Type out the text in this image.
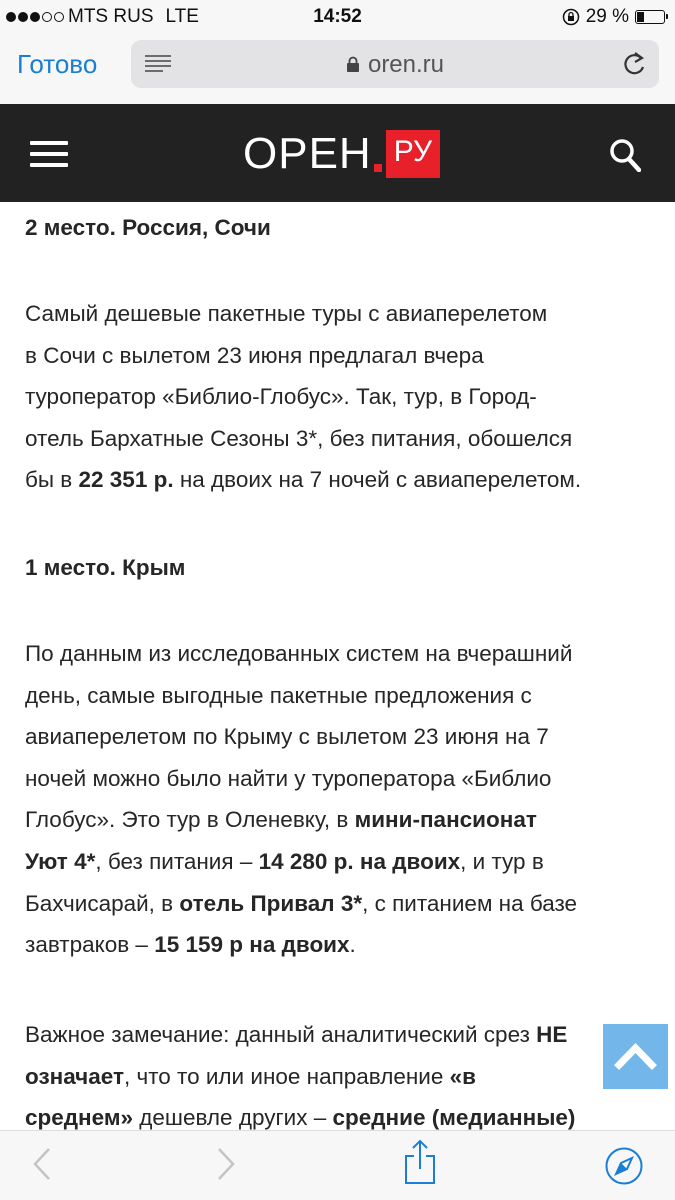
MTS RUS LTE	14:52	29 %
Готово	oren.ru
OPEH РУ
2 место. Россия, Сочи
Самый дешевые пакетные туры с авиаперелетом
в Сочи с вылетом 23 июня предлагал вчера
туроператор «Библио-Глобус». Так, тур, в Город-
отель Бархатные Сезоны 3*, без питания, обошелся
бы в 22 351 р. на двоих на 7 ночей с авиаперелетом.
1 место. Крым
По данным из исследованных систем на вчерашний
день, самые выгодные пакетные предложения с
авиаперелетом по Крыму с вылетом 23 июня на 7
ночей можно было найти у туроператора «Библио
Глобус». Это тур в Оленевку, в мини-пансионат
Уют 4*, без питания – 14 280 р. на двоих, и тур в
Бахчисарай, в отель Привал 3*, с питанием на базе
завтраков – 15 159 р на двоих.
Важное замечание: данный аналитический срез НЕ
означает, что то или иное направление «в
среднем» дешевле других – средние (медианные)
